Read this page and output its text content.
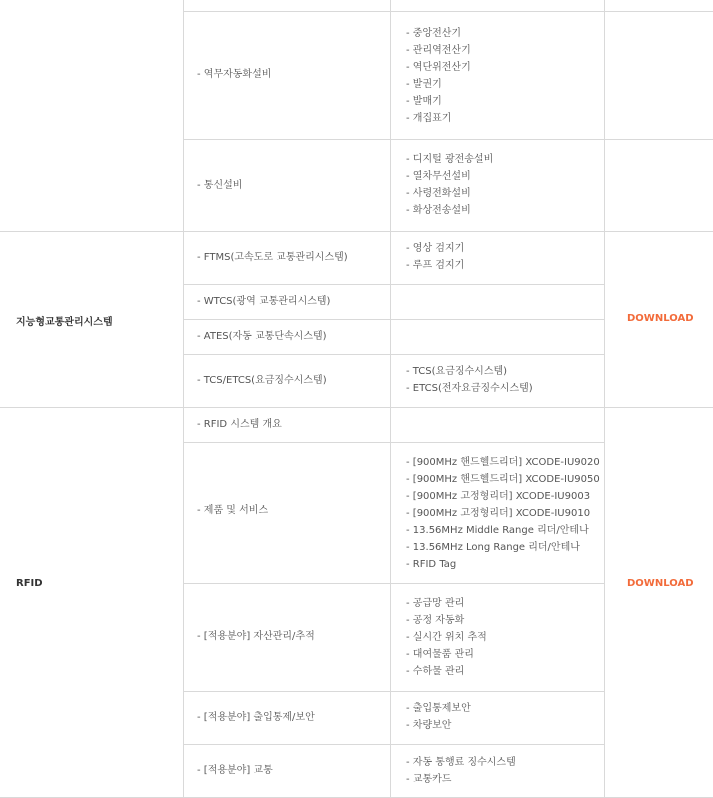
- 역무자동화설비
- 중앙전산기
- 관리역전산기
- 역단위전산기
- 발권기
- 발매기
- 개집표기
- 통신설비
- 디지털 광전송설비
- 열차무선설비
- 사령전화설비
- 화상전송설비
지능형교통관리시스템
- FTMS(고속도로 교통관리시스템)
- 영상 검지기
- 루프 검지기
- WTCS(광역 교통관리시스템)
- ATES(자동 교통단속시스템)
- TCS/ETCS(요금징수시스템)
- TCS(요금징수시스템)
- ETCS(전자요금징수시스템)
DOWNLOAD
RFID
- RFID 시스템 개요
- 제품 및 서비스
- [900MHz 핸드헬드리더] XCODE-IU9020
- [900MHz 핸드헬드리더] XCODE-IU9050
- [900MHz 고정형리더] XCODE-IU9003
- [900MHz 고정형리더] XCODE-IU9010
- 13.56MHz Middle Range 리더/안테나
- 13.56MHz Long Range 리더/안테나
- RFID Tag
- [적용분야] 자산관리/추적
- 공급망 관리
- 공정 자동화
- 실시간 위치 추적
- 대여물품 관리
- 수하물 관리
- [적용분야] 출입통제/보안
- 출입통제보안
- 차량보안
- [적용분야] 교통
- 자동 통행료 징수시스템
- 교통카드
DOWNLOAD
